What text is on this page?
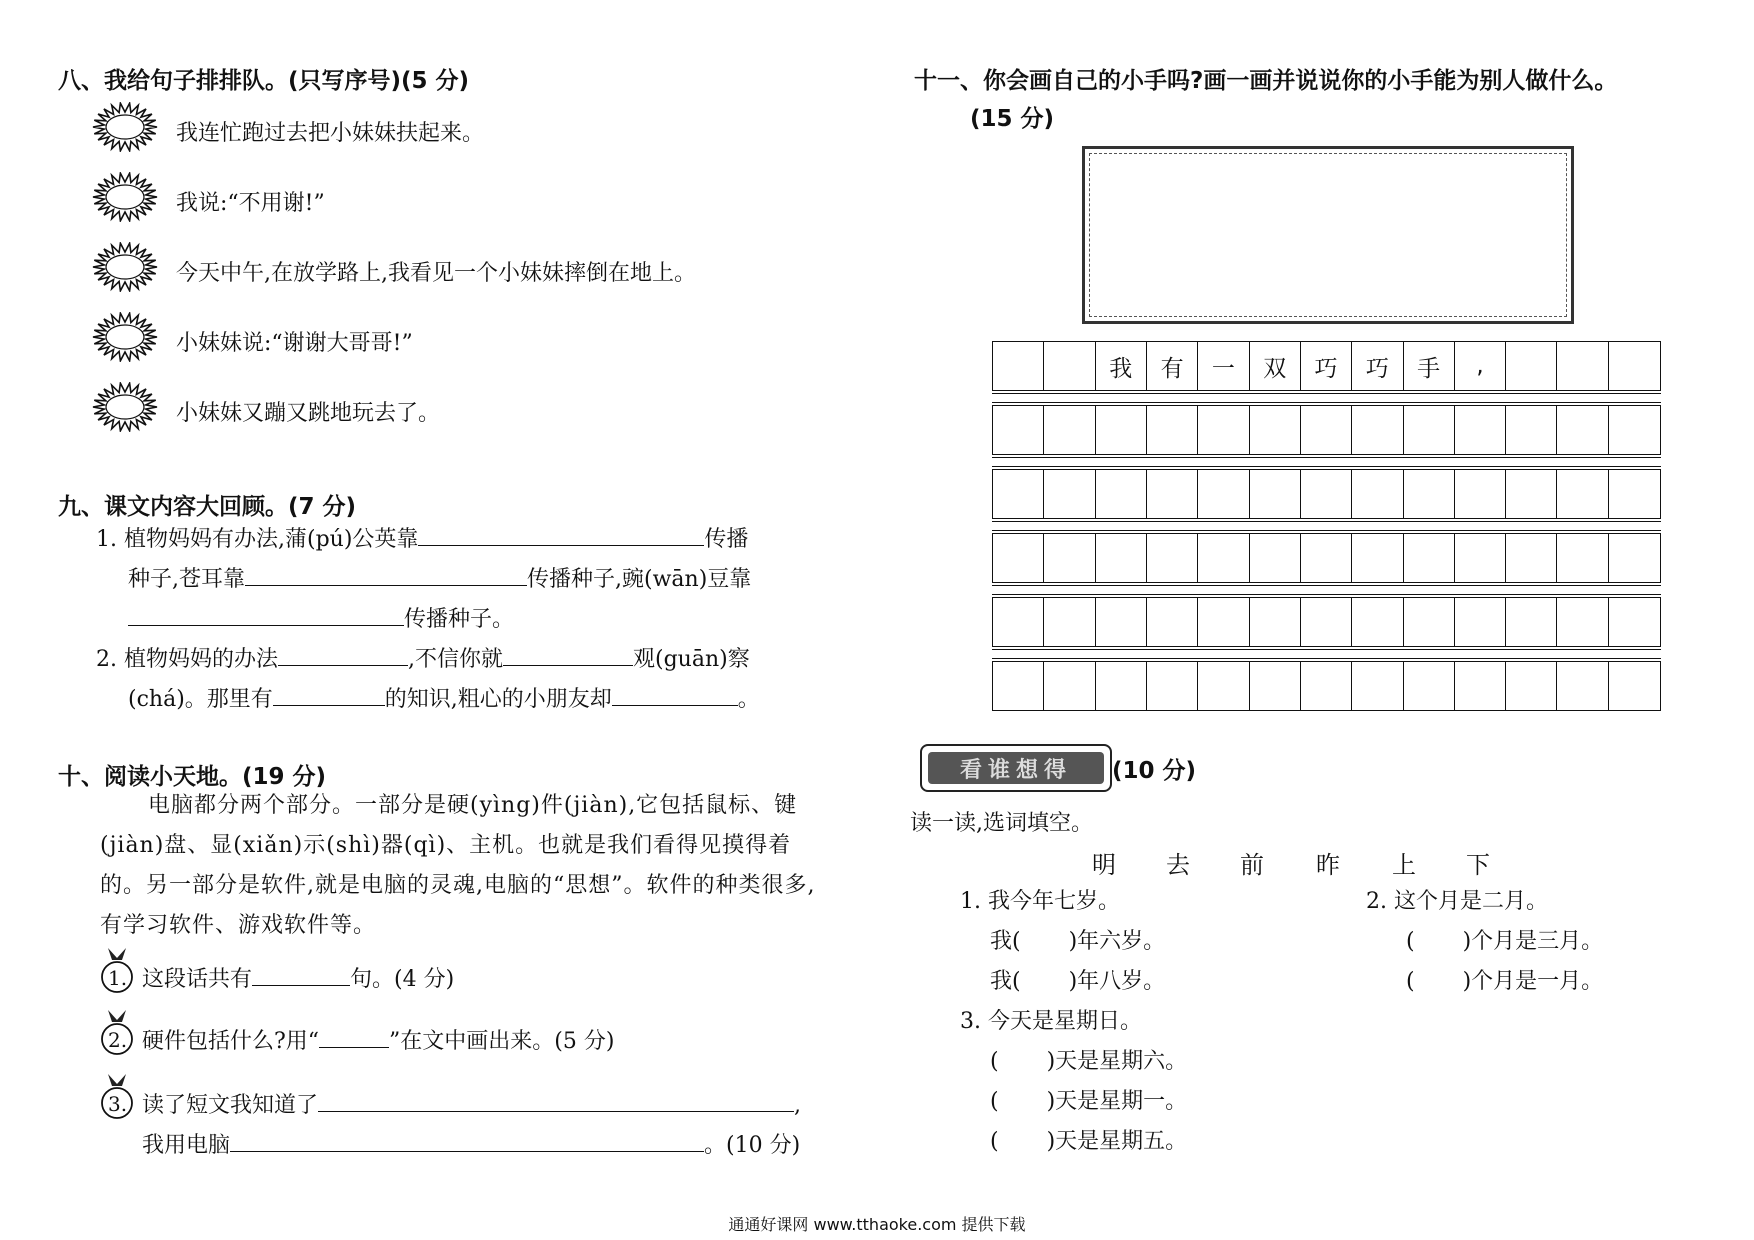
八、我给句子排排队。(只写序号)(5 分)
我连忙跑过去把小妹妹扶起来。
我说:“不用谢!”
今天中午,在放学路上,我看见一个小妹妹摔倒在地上。
小妹妹说:“谢谢大哥哥!”
小妹妹又蹦又跳地玩去了。
九、课文内容大回顾。(7 分)
1. 植物妈妈有办法,蒲(pú)公英靠	传播
种子,苍耳靠	传播种子,豌(wān)豆靠
传播种子。
2. 植物妈妈的办法	,不信你就	观(guān)察
(chá)。那里有	的知识,粗心的小朋友却	。
十、阅读小天地。(19 分)
电脑都分两个部分。一部分是硬(yìng)件(jiàn),它包括鼠标、键(jiàn)盘、显(xiǎn)示(shì)器(qì)、主机。也就是我们看得见摸得着的。另一部分是软件,就是电脑的灵魂,电脑的“思想”。软件的种类很多,有学习软件、游戏软件等。
1. 这段话共有	句。(4 分)
2. 硬件包括什么?用“	”在文中画出来。(5 分)
3. 读了短文我知道了	,
我用电脑	。(10 分)
十一、你会画自己的小手吗?画一画并说说你的小手能为别人做什么。
(15 分)
我	有	一	双	巧	巧	手	,
看谁想得	(10 分)
读一读,选词填空。
明 去 前 昨 上 下
1. 我今年七岁。
我( )年六岁。
我( )年八岁。
2. 这个月是二月。
( )个月是三月。
( )个月是一月。
3. 今天是星期日。
( )天是星期六。
( )天是星期一。
( )天是星期五。
通通好课网 www.tthaoke.com 提供下载
